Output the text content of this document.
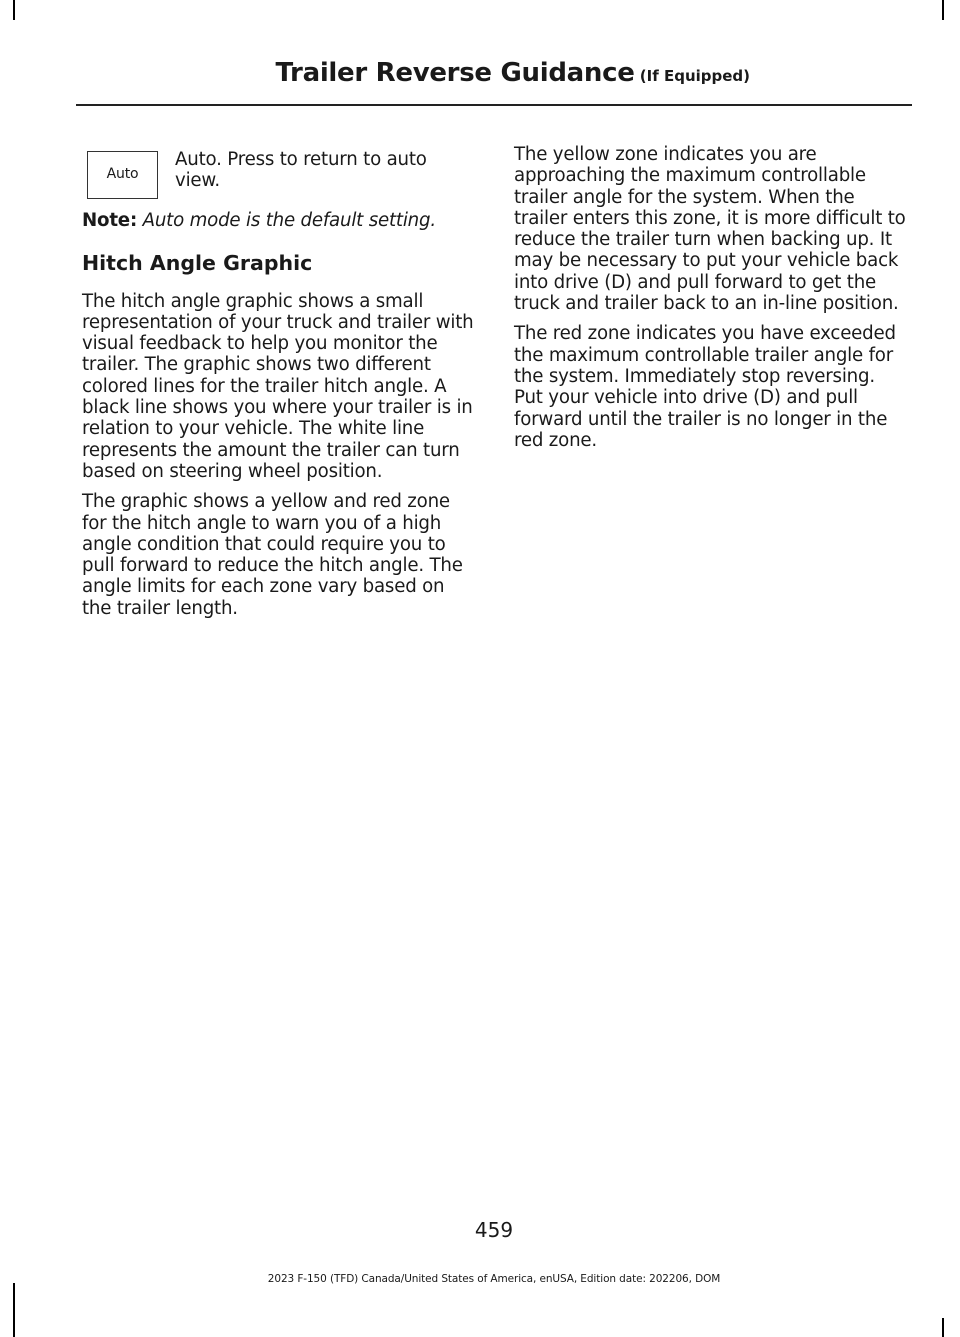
Trailer Reverse Guidance (If Equipped)
Auto
Auto. Press to return to auto view.

Note: Auto mode is the default setting.

Hitch Angle Graphic

The hitch angle graphic shows a small representation of your truck and trailer with visual feedback to help you monitor the trailer. The graphic shows two different colored lines for the trailer hitch angle. A black line shows you where your trailer is in relation to your vehicle. The white line represents the amount the trailer can turn based on steering wheel position.

The graphic shows a yellow and red zone for the hitch angle to warn you of a high angle condition that could require you to pull forward to reduce the hitch angle. The angle limits for each zone vary based on the trailer length.

The yellow zone indicates you are approaching the maximum controllable trailer angle for the system. When the trailer enters this zone, it is more difficult to reduce the trailer turn when backing up. It may be necessary to put your vehicle back into drive (D) and pull forward to get the truck and trailer back to an in-line position.

The red zone indicates you have exceeded the maximum controllable trailer angle for the system. Immediately stop reversing. Put your vehicle into drive (D) and pull forward until the trailer is no longer in the red zone.

459
2023 F-150 (TFD) Canada/United States of America, enUSA, Edition date: 202206, DOM
